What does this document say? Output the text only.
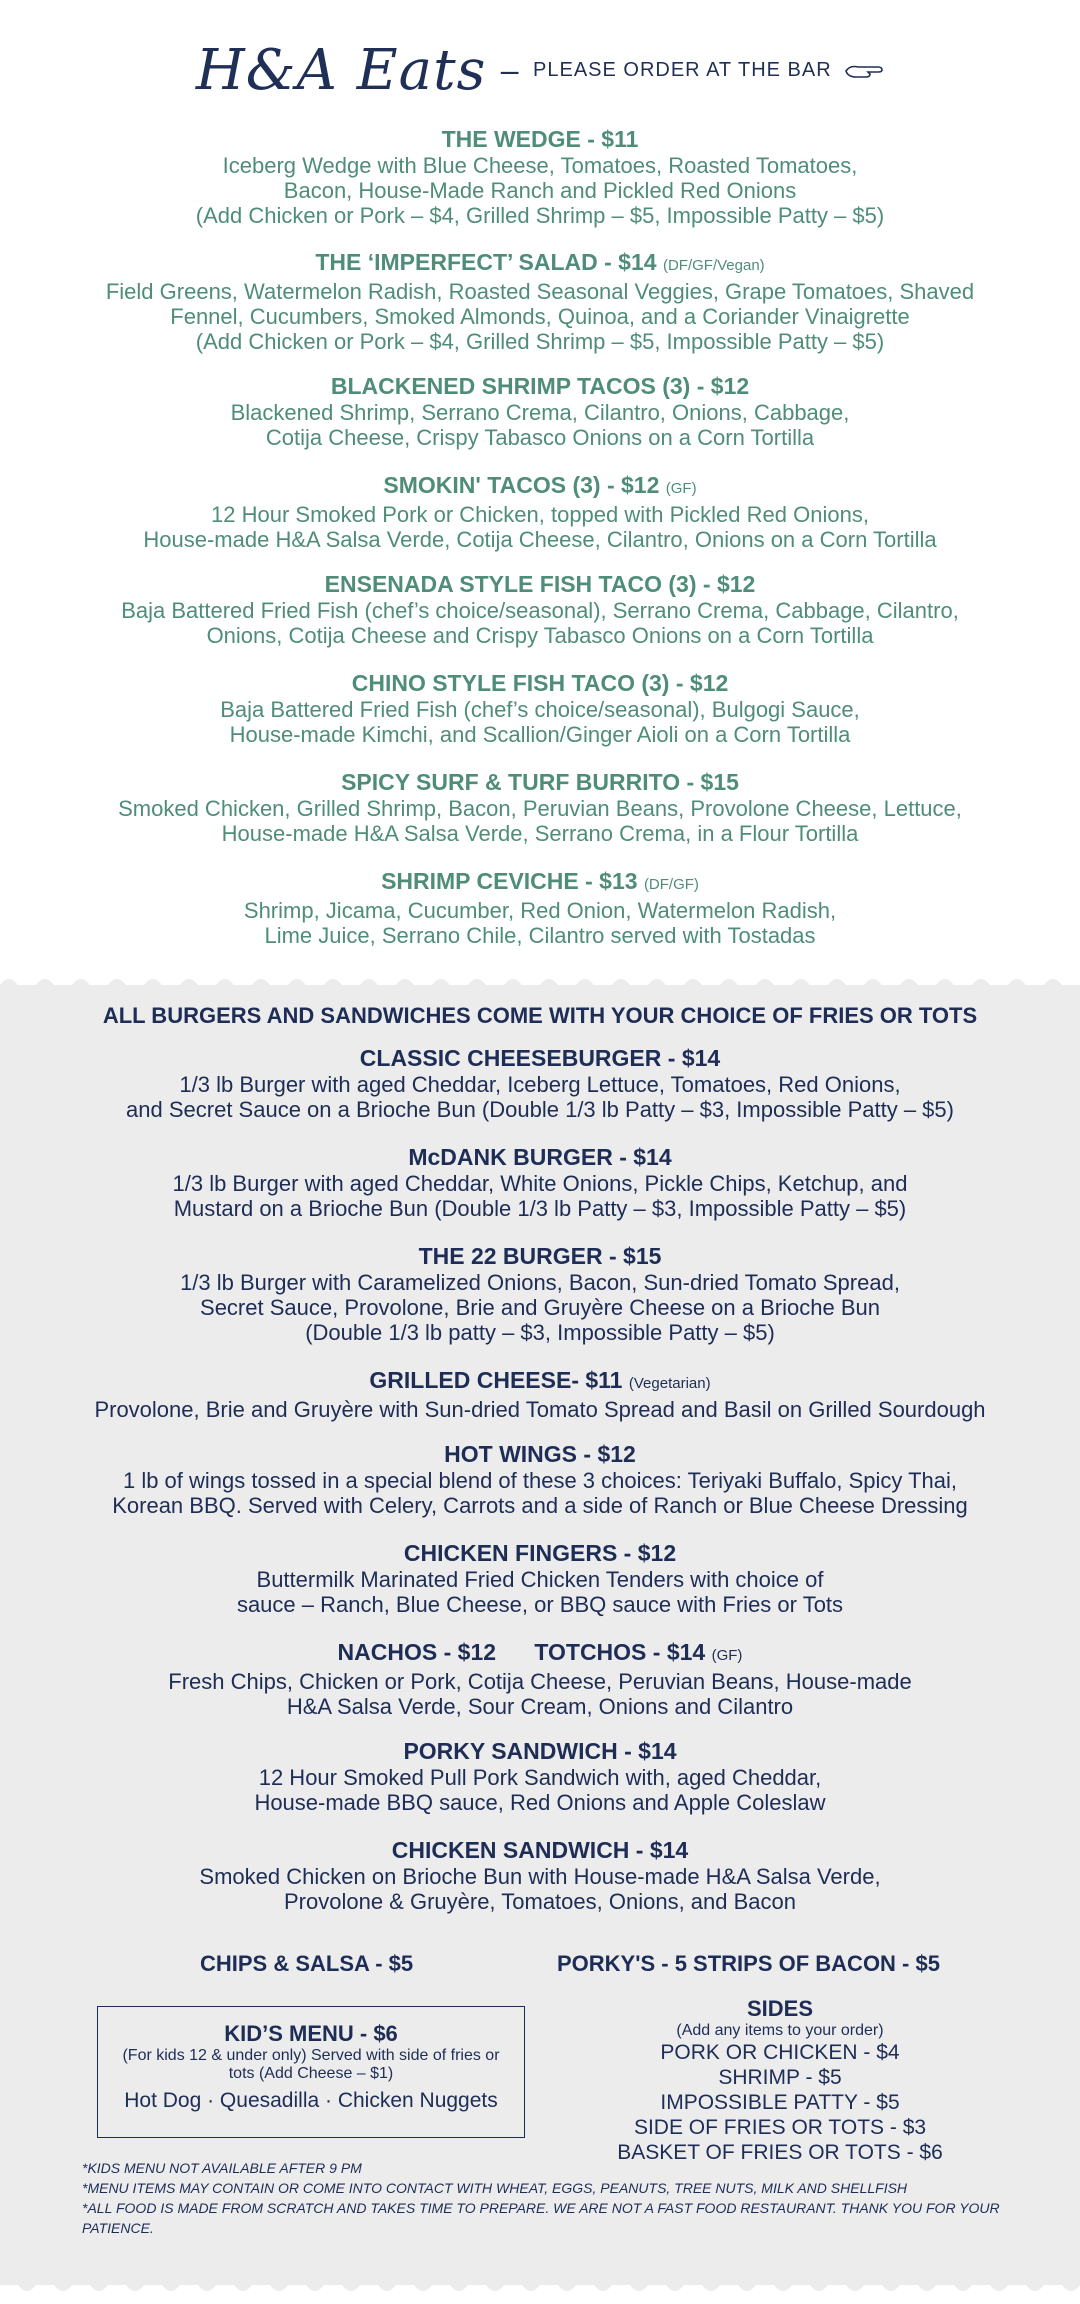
H&A Eats – PLEASE ORDER AT THE BAR
THE WEDGE - $11
Iceberg Wedge with Blue Cheese, Tomatoes, Roasted Tomatoes,
Bacon, House-Made Ranch and Pickled Red Onions
(Add Chicken or Pork – $4, Grilled Shrimp – $5, Impossible Patty – $5)
THE ‘IMPERFECT’ SALAD - $14 (DF/GF/Vegan)
Field Greens, Watermelon Radish, Roasted Seasonal Veggies, Grape Tomatoes, Shaved
Fennel, Cucumbers, Smoked Almonds, Quinoa, and a Coriander Vinaigrette
(Add Chicken or Pork – $4, Grilled Shrimp – $5, Impossible Patty – $5)
BLACKENED SHRIMP TACOS (3) - $12
Blackened Shrimp, Serrano Crema, Cilantro, Onions, Cabbage,
Cotija Cheese, Crispy Tabasco Onions on a Corn Tortilla
SMOKIN' TACOS (3) - $12 (GF)
12 Hour Smoked Pork or Chicken, topped with Pickled Red Onions,
House-made H&A Salsa Verde, Cotija Cheese, Cilantro, Onions on a Corn Tortilla
ENSENADA STYLE FISH TACO (3) - $12
Baja Battered Fried Fish (chef’s choice/seasonal), Serrano Crema, Cabbage, Cilantro,
Onions, Cotija Cheese and Crispy Tabasco Onions on a Corn Tortilla
CHINO STYLE FISH TACO (3) - $12
Baja Battered Fried Fish (chef’s choice/seasonal), Bulgogi Sauce,
House-made Kimchi, and Scallion/Ginger Aioli on a Corn Tortilla
SPICY SURF & TURF BURRITO - $15
Smoked Chicken, Grilled Shrimp, Bacon, Peruvian Beans, Provolone Cheese, Lettuce,
House-made H&A Salsa Verde, Serrano Crema, in a Flour Tortilla
SHRIMP CEVICHE - $13 (DF/GF)
Shrimp, Jicama, Cucumber, Red Onion, Watermelon Radish,
Lime Juice, Serrano Chile, Cilantro served with Tostadas
ALL BURGERS AND SANDWICHES COME WITH YOUR CHOICE OF FRIES OR TOTS
CLASSIC CHEESEBURGER - $14
1/3 lb Burger with aged Cheddar, Iceberg Lettuce, Tomatoes, Red Onions,
and Secret Sauce on a Brioche Bun (Double 1/3 lb Patty – $3, Impossible Patty – $5)
McDANK BURGER - $14
1/3 lb Burger with aged Cheddar, White Onions, Pickle Chips, Ketchup, and
Mustard on a Brioche Bun (Double 1/3 lb Patty – $3, Impossible Patty – $5)
THE 22 BURGER - $15
1/3 lb Burger with Caramelized Onions, Bacon, Sun-dried Tomato Spread,
Secret Sauce, Provolone, Brie and Gruyère Cheese on a Brioche Bun
(Double 1/3 lb patty – $3, Impossible Patty – $5)
GRILLED CHEESE- $11 (Vegetarian)
Provolone, Brie and Gruyère with Sun-dried Tomato Spread and Basil on Grilled Sourdough
HOT WINGS - $12
1 lb of wings tossed in a special blend of these 3 choices: Teriyaki Buffalo, Spicy Thai,
Korean BBQ. Served with Celery, Carrots and a side of Ranch or Blue Cheese Dressing
CHICKEN FINGERS - $12
Buttermilk Marinated Fried Chicken Tenders with choice of
sauce – Ranch, Blue Cheese, or BBQ sauce with Fries or Tots
NACHOS - $12      TOTCHOS - $14 (GF)
Fresh Chips, Chicken or Pork, Cotija Cheese, Peruvian Beans, House-made
H&A Salsa Verde, Sour Cream, Onions and Cilantro
PORKY SANDWICH - $14
12 Hour Smoked Pull Pork Sandwich with, aged Cheddar,
House-made BBQ sauce, Red Onions and Apple Coleslaw
CHICKEN SANDWICH - $14
Smoked Chicken on Brioche Bun with House-made H&A Salsa Verde,
Provolone & Gruyère, Tomatoes, Onions, and Bacon
CHIPS & SALSA - $5	PORKY'S - 5 STRIPS OF BACON - $5
KID’S MENU - $6
(For kids 12 & under only) Served with side of fries or tots (Add Cheese – $1)
Hot Dog · Quesadilla · Chicken Nuggets
SIDES
(Add any items to your order)
PORK OR CHICKEN - $4
SHRIMP - $5
IMPOSSIBLE PATTY - $5
SIDE OF FRIES OR TOTS - $3
BASKET OF FRIES OR TOTS - $6
*KIDS MENU NOT AVAILABLE AFTER 9 PM
*MENU ITEMS MAY CONTAIN OR COME INTO CONTACT WITH WHEAT, EGGS, PEANUTS, TREE NUTS, MILK AND SHELLFISH
*ALL FOOD IS MADE FROM SCRATCH AND TAKES TIME TO PREPARE. WE ARE NOT A FAST FOOD RESTAURANT. THANK YOU FOR YOUR PATIENCE.
